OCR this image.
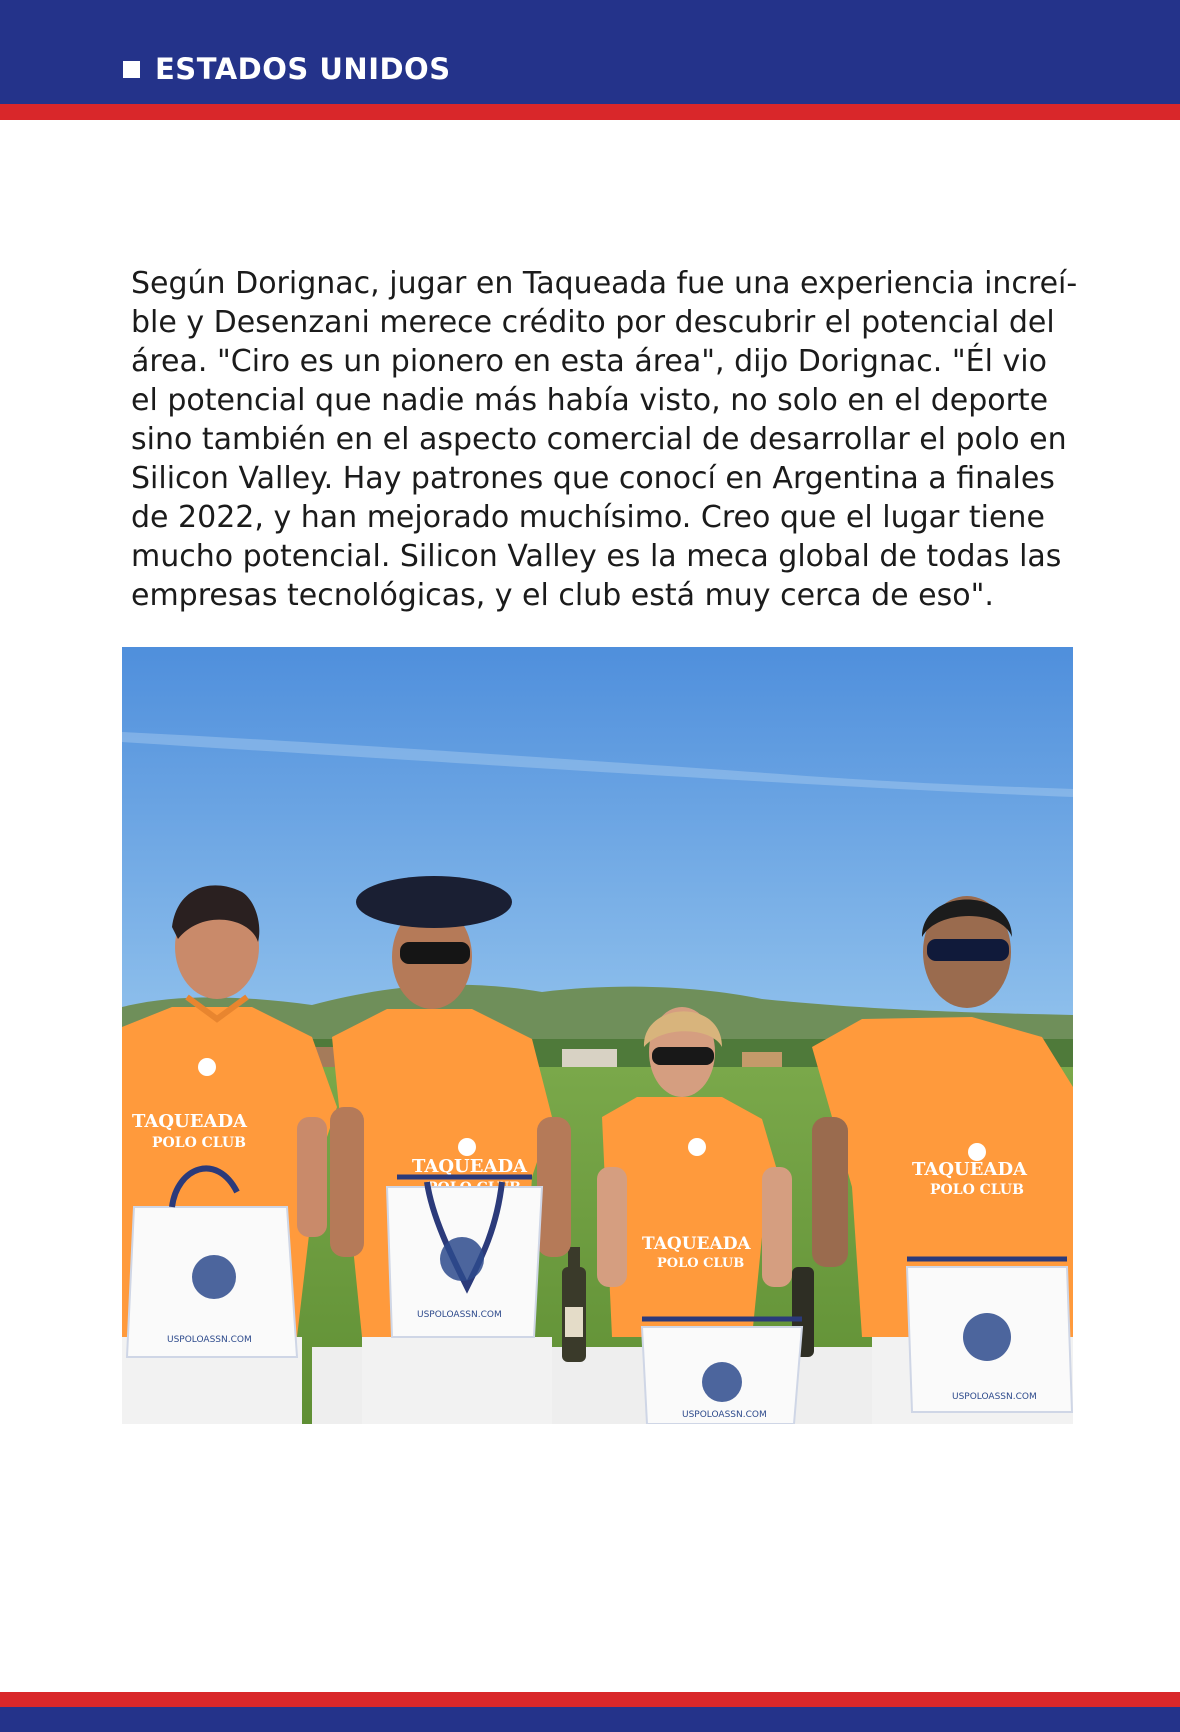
ESTADOS UNIDOS

Según Dorignac, jugar en Taqueada fue una experiencia increí-
ble y Desenzani merece crédito por descubrir el potencial del
área. "Ciro es un pionero en esta área", dijo Dorignac. "Él vio
el potencial que nadie más había visto, no solo en el deporte
sino también en el aspecto comercial de desarrollar el polo en
Silicon Valley. Hay patrones que conocí en Argentina a finales
de 2022, y han mejorado muchísimo. Creo que el lugar tiene
mucho potencial. Silicon Valley es la meca global de todas las
empresas tecnológicas, y el club está muy cerca de eso".

TAQUEADA
POLO CLUB
TAQUEADA
TAQUEADA
POLO CLUB
TAQUEADA
POLO CLUB
USPOLOASSN.COM
USPOLOASSN.COM
USPOLOASSN.COM
USPOLOASSN.COM
